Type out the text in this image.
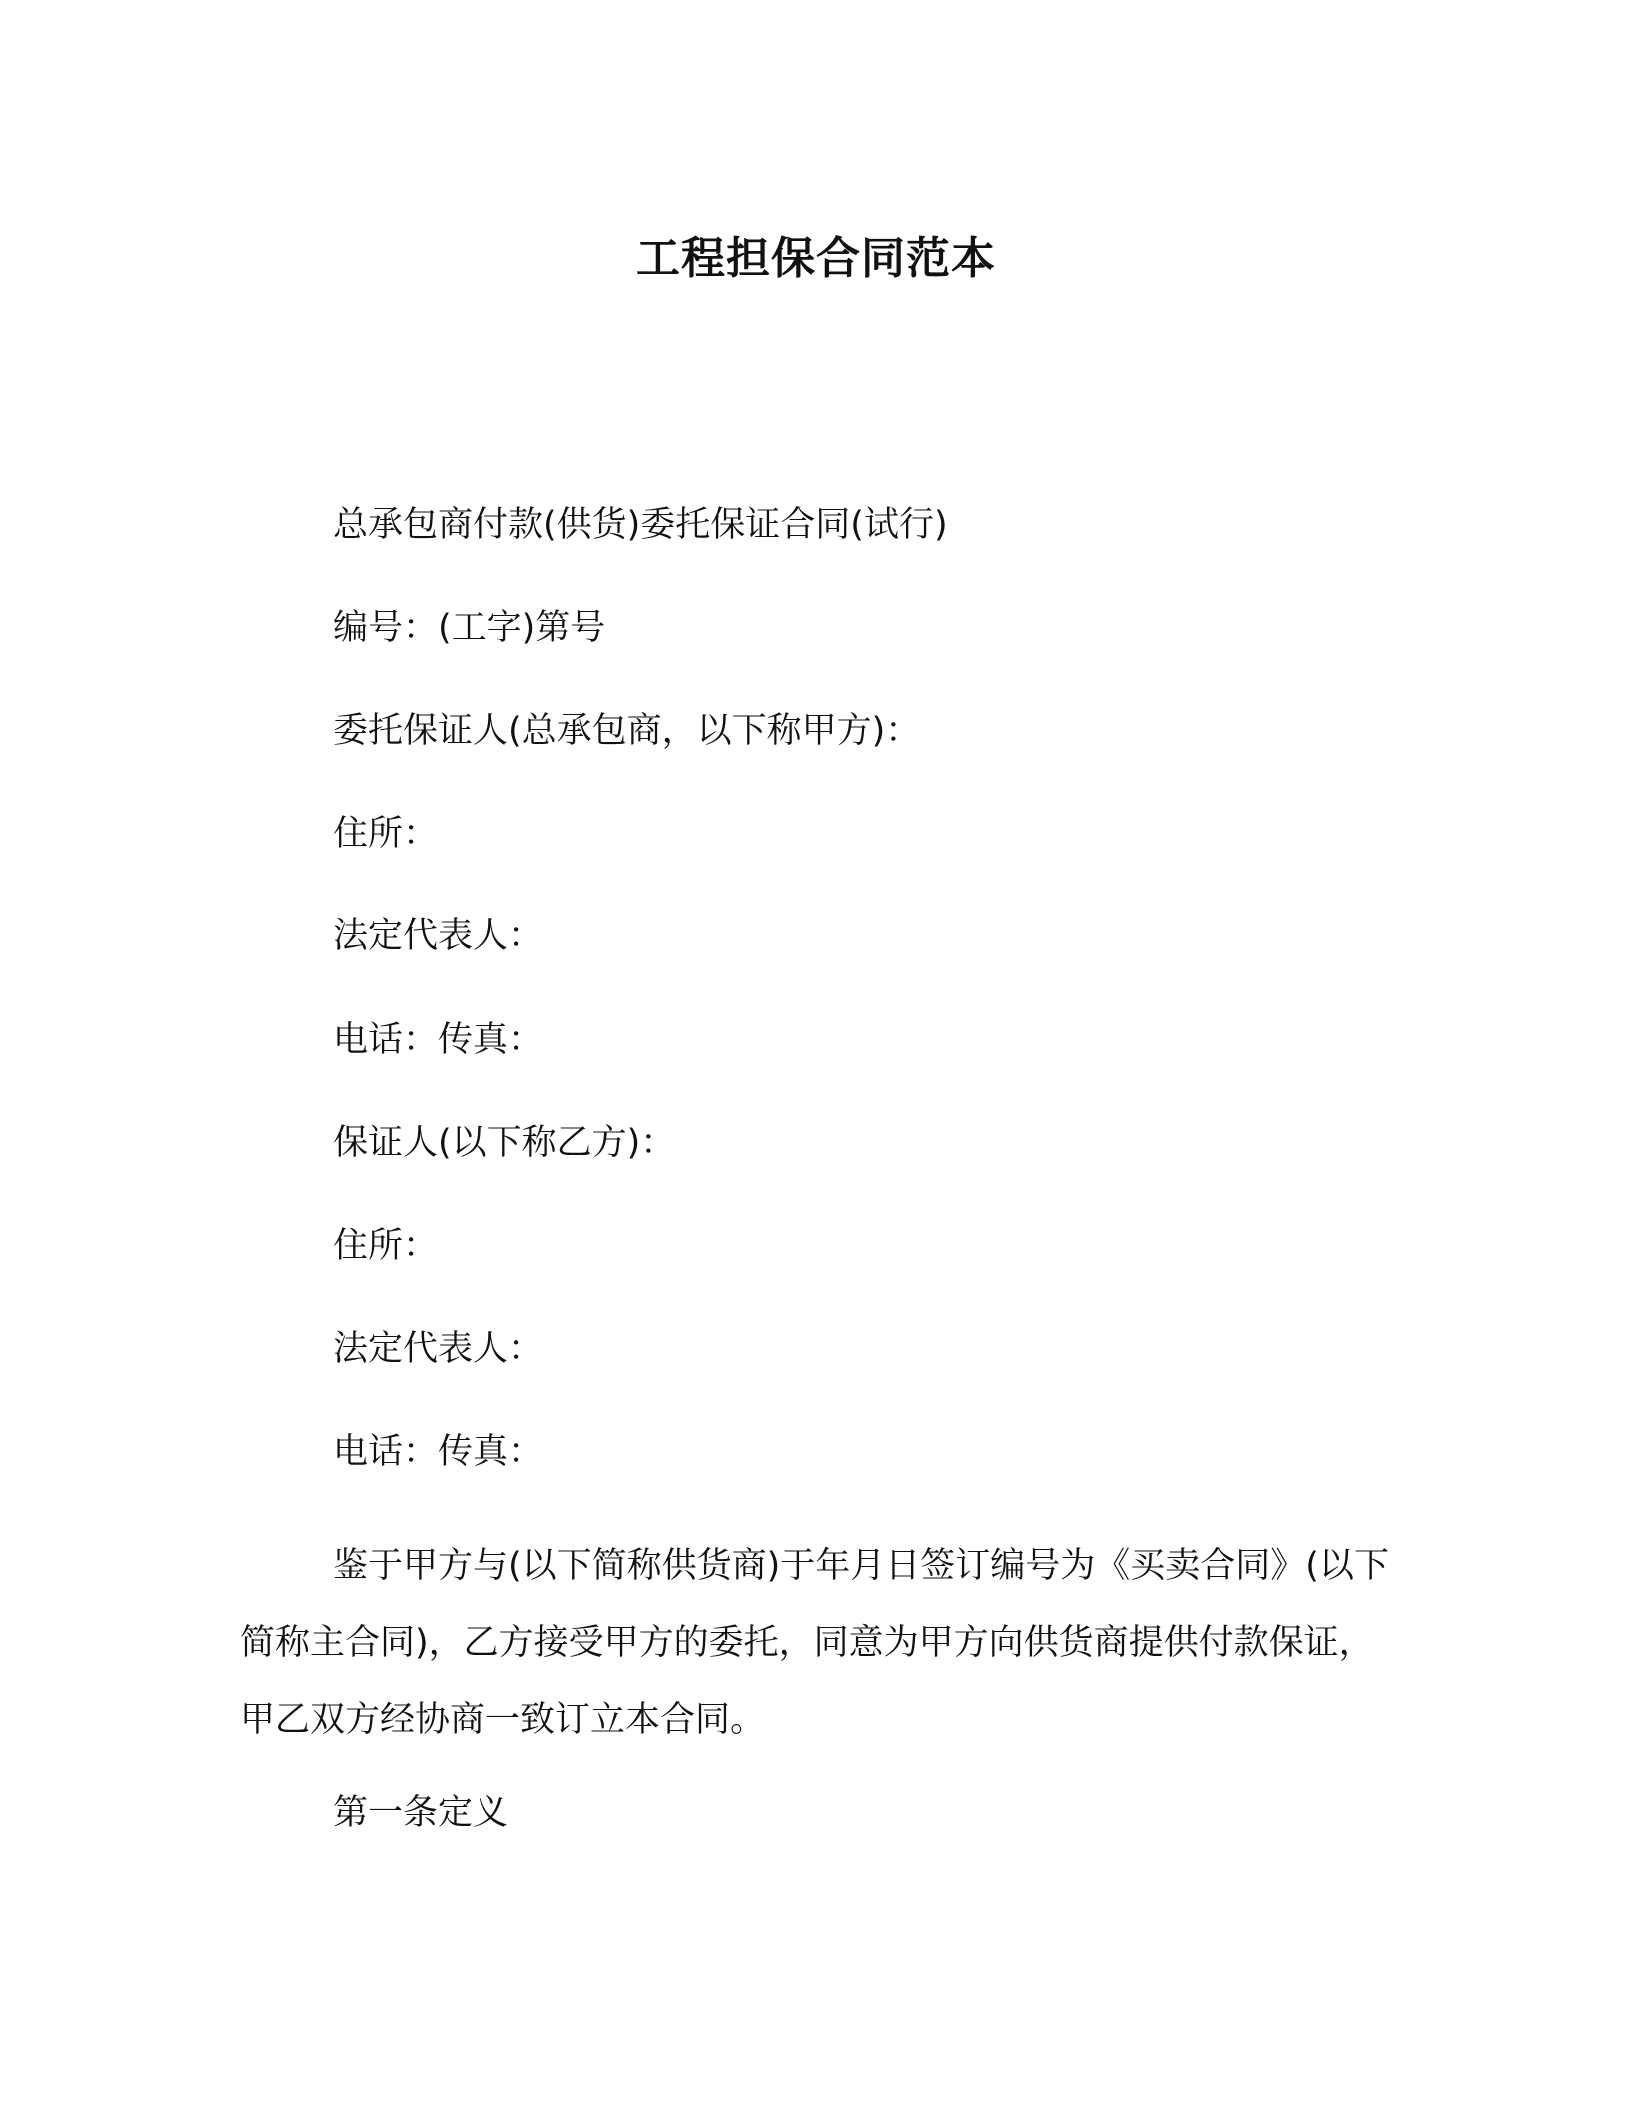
工程担保合同范本
总承包商付款(供货)委托保证合同(试行)
编号：(工字)第号
委托保证人(总承包商，以下称甲方)：
住所：
法定代表人：
电话：传真：
保证人(以下称乙方)：
住所：
法定代表人：
电话：传真：
鉴于甲方与(以下简称供货商)于年月日签订编号为《买卖合同》(以下简称主合同)，乙方接受甲方的委托，同意为甲方向供货商提供付款保证，甲乙双方经协商一致订立本合同。
第一条定义
